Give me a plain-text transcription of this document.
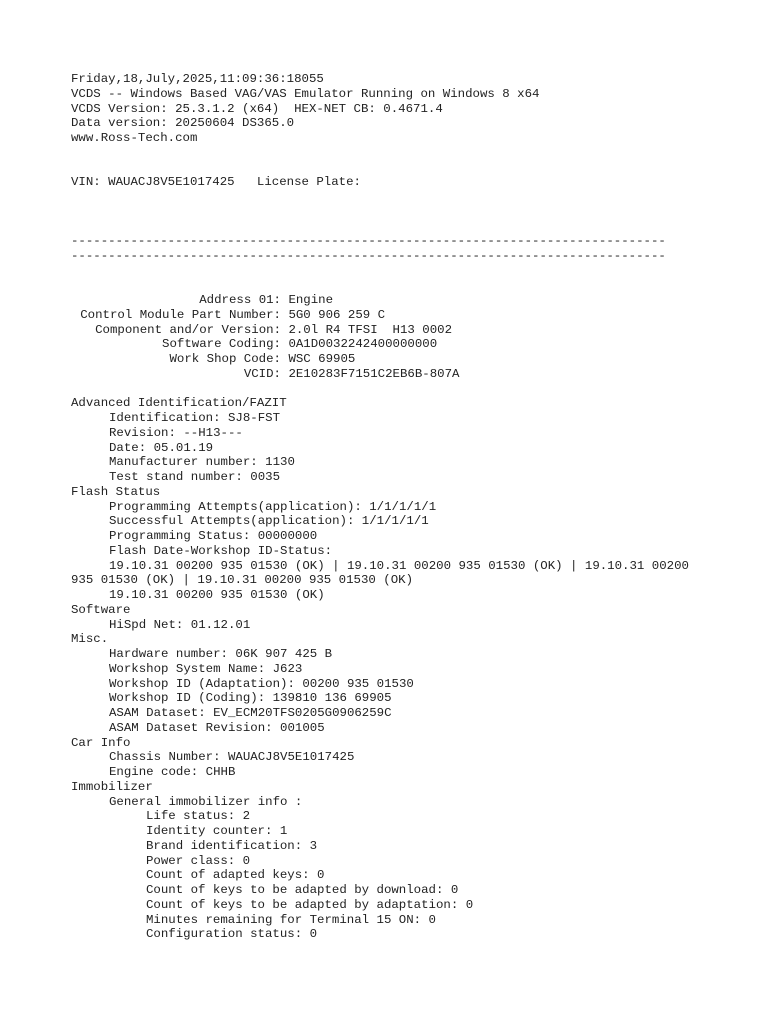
Friday,18,July,2025,11:09:36:18055
VCDS -- Windows Based VAG/VAS Emulator Running on Windows 8 x64
VCDS Version: 25.3.1.2 (x64)  HEX-NET CB: 0.4671.4
Data version: 20250604 DS365.0
www.Ross-Tech.com
VIN: WAUACJ8V5E1017425   License Plate:
--------------------------------------------------------------------------------
--------------------------------------------------------------------------------
Address 01: Engine
Control Module Part Number: 5G0 906 259 C
Component and/or Version: 2.0l R4 TFSI  H13 0002
Software Coding: 0A1D0032242400000000
Work Shop Code: WSC 69905
VCID: 2E10283F7151C2EB6B-807A
Advanced Identification/FAZIT
Identification: SJ8-FST
Revision: --H13---
Date: 05.01.19
Manufacturer number: 1130
Test stand number: 0035
Flash Status
Programming Attempts(application): 1/1/1/1/1
Successful Attempts(application): 1/1/1/1/1
Programming Status: 00000000
Flash Date-Workshop ID-Status:
19.10.31 00200 935 01530 (OK) | 19.10.31 00200 935 01530 (OK) | 19.10.31 00200
935 01530 (OK) | 19.10.31 00200 935 01530 (OK)
19.10.31 00200 935 01530 (OK)
Software
HiSpd Net: 01.12.01
Misc.
Hardware number: 06K 907 425 B
Workshop System Name: J623
Workshop ID (Adaptation): 00200 935 01530
Workshop ID (Coding): 139810 136 69905
ASAM Dataset: EV_ECM20TFS0205G0906259C
ASAM Dataset Revision: 001005
Car Info
Chassis Number: WAUACJ8V5E1017425
Engine code: CHHB
Immobilizer
General immobilizer info :
Life status: 2
Identity counter: 1
Brand identification: 3
Power class: 0
Count of adapted keys: 0
Count of keys to be adapted by download: 0
Count of keys to be adapted by adaptation: 0
Minutes remaining for Terminal 15 ON: 0
Configuration status: 0
